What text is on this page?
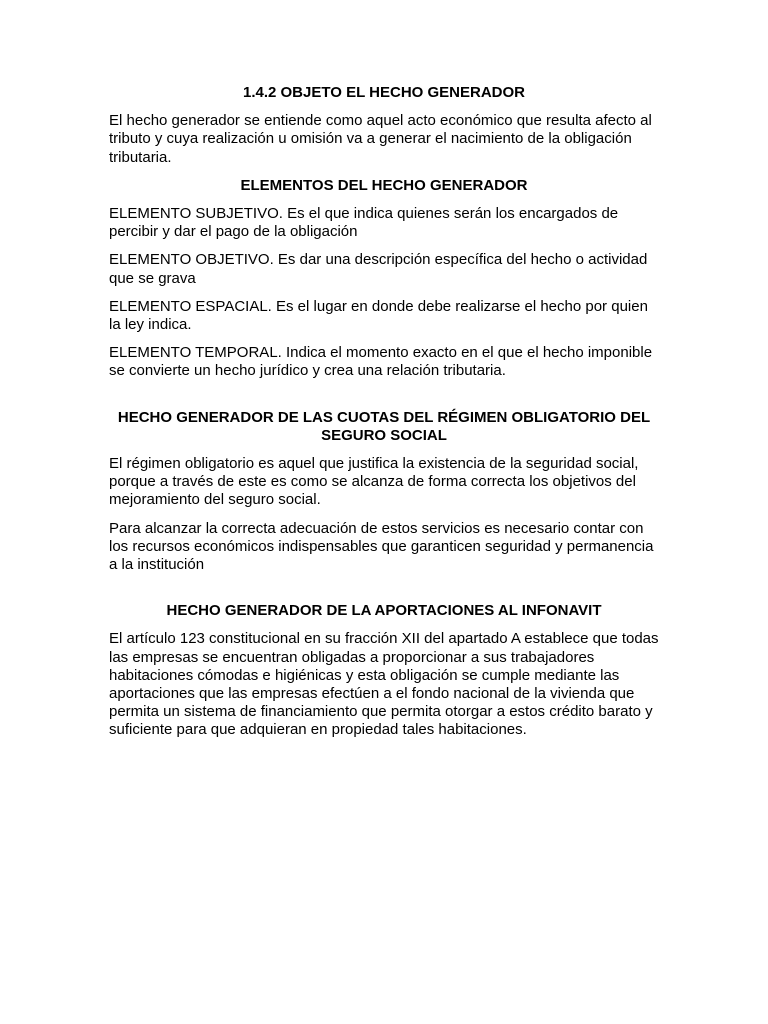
1.4.2 OBJETO EL HECHO GENERADOR
El hecho generador se entiende como aquel acto económico que resulta afecto al tributo y cuya realización u omisión va a generar el nacimiento de la obligación tributaria.
ELEMENTOS DEL HECHO GENERADOR
ELEMENTO SUBJETIVO. Es el que indica quienes serán los encargados de percibir y dar el pago de la obligación
ELEMENTO OBJETIVO. Es dar una descripción específica del hecho o actividad que se grava
ELEMENTO ESPACIAL. Es el lugar en donde debe realizarse el hecho por quien la ley indica.
ELEMENTO TEMPORAL. Indica el momento exacto en el que el hecho imponible se convierte un hecho jurídico y crea una relación tributaria.
HECHO GENERADOR DE LAS CUOTAS DEL RÉGIMEN OBLIGATORIO DEL SEGURO SOCIAL
El régimen obligatorio es aquel que justifica la existencia de la seguridad social, porque a través de este es como se alcanza de forma correcta los objetivos del mejoramiento del seguro social.
Para alcanzar la correcta adecuación de estos servicios es necesario contar con los recursos económicos indispensables que garanticen seguridad y permanencia a la institución
HECHO GENERADOR DE LA APORTACIONES AL INFONAVIT
El artículo 123 constitucional en su fracción XII del apartado A establece que todas las empresas se encuentran obligadas a proporcionar a sus trabajadores habitaciones cómodas e higiénicas y esta obligación se cumple mediante las aportaciones que las empresas efectúen a el fondo nacional de la vivienda que permita un sistema de financiamiento que permita otorgar a estos crédito barato y suficiente para que adquieran en propiedad tales habitaciones.
